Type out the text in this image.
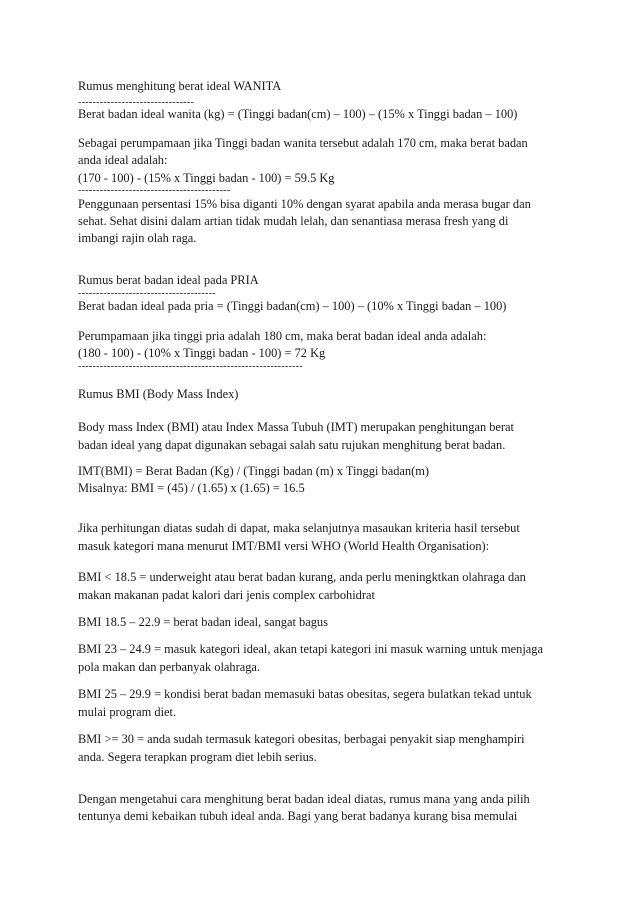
Rumus menghitung berat ideal WANITA
--------------------------------
Berat badan ideal wanita (kg) = (Tinggi badan(cm) – 100) – (15% x Tinggi badan – 100)
Sebagai perumpamaan jika Tinggi badan wanita tersebut adalah 170 cm, maka berat badan
anda ideal adalah:
(170 - 100) - (15% x Tinggi badan - 100) = 59.5 Kg
------------------------------------------
Penggunaan persentasi 15% bisa diganti 10% dengan syarat apabila anda merasa bugar dan
sehat. Sehat disini dalam artian tidak mudah lelah, dan senantiasa merasa fresh yang di
imbangi rajin olah raga.
Rumus berat badan ideal pada PRIA
--------------------------------------
Berat badan ideal pada pria = (Tinggi badan(cm) – 100) – (10% x Tinggi badan – 100)
Perumpamaan jika tinggi pria adalah 180 cm, maka berat badan ideal anda adalah:
(180 - 100) - (10% x Tinggi badan - 100) = 72 Kg
--------------------------------------------------------------
Rumus BMI (Body Mass Index)
Body mass Index (BMI) atau Index Massa Tubuh (IMT) merupakan penghitungan berat
badan ideal yang dapat digunakan sebagai salah satu rujukan menghitung berat badan.
IMT(BMI) = Berat Badan (Kg) / (Tinggi badan (m) x Tinggi badan(m)
Misalnya: BMI = (45) / (1.65) x (1.65) = 16.5
Jika perhitungan diatas sudah di dapat, maka selanjutnya masaukan kriteria hasil tersebut
masuk kategori mana menurut IMT/BMI versi WHO (World Health Organisation):
BMI < 18.5 = underweight atau berat badan kurang, anda perlu meningktkan olahraga dan
makan makanan padat kalori dari jenis complex carbohidrat
BMI 18.5 – 22.9 = berat badan ideal, sangat bagus
BMI 23 – 24.9 = masuk kategori ideal, akan tetapi kategori ini masuk warning untuk menjaga
pola makan dan perbanyak olahraga.
BMI 25 – 29.9 = kondisi berat badan memasuki batas obesitas, segera bulatkan tekad untuk
mulai program diet.
BMI >= 30 = anda sudah termasuk kategori obesitas, berbagai penyakit siap menghampiri
anda. Segera terapkan program diet lebih serius.
Dengan mengetahui cara menghitung berat badan ideal diatas, rumus mana yang anda pilih
tentunya demi kebaikan tubuh ideal anda. Bagi yang berat badanya kurang bisa memulai
